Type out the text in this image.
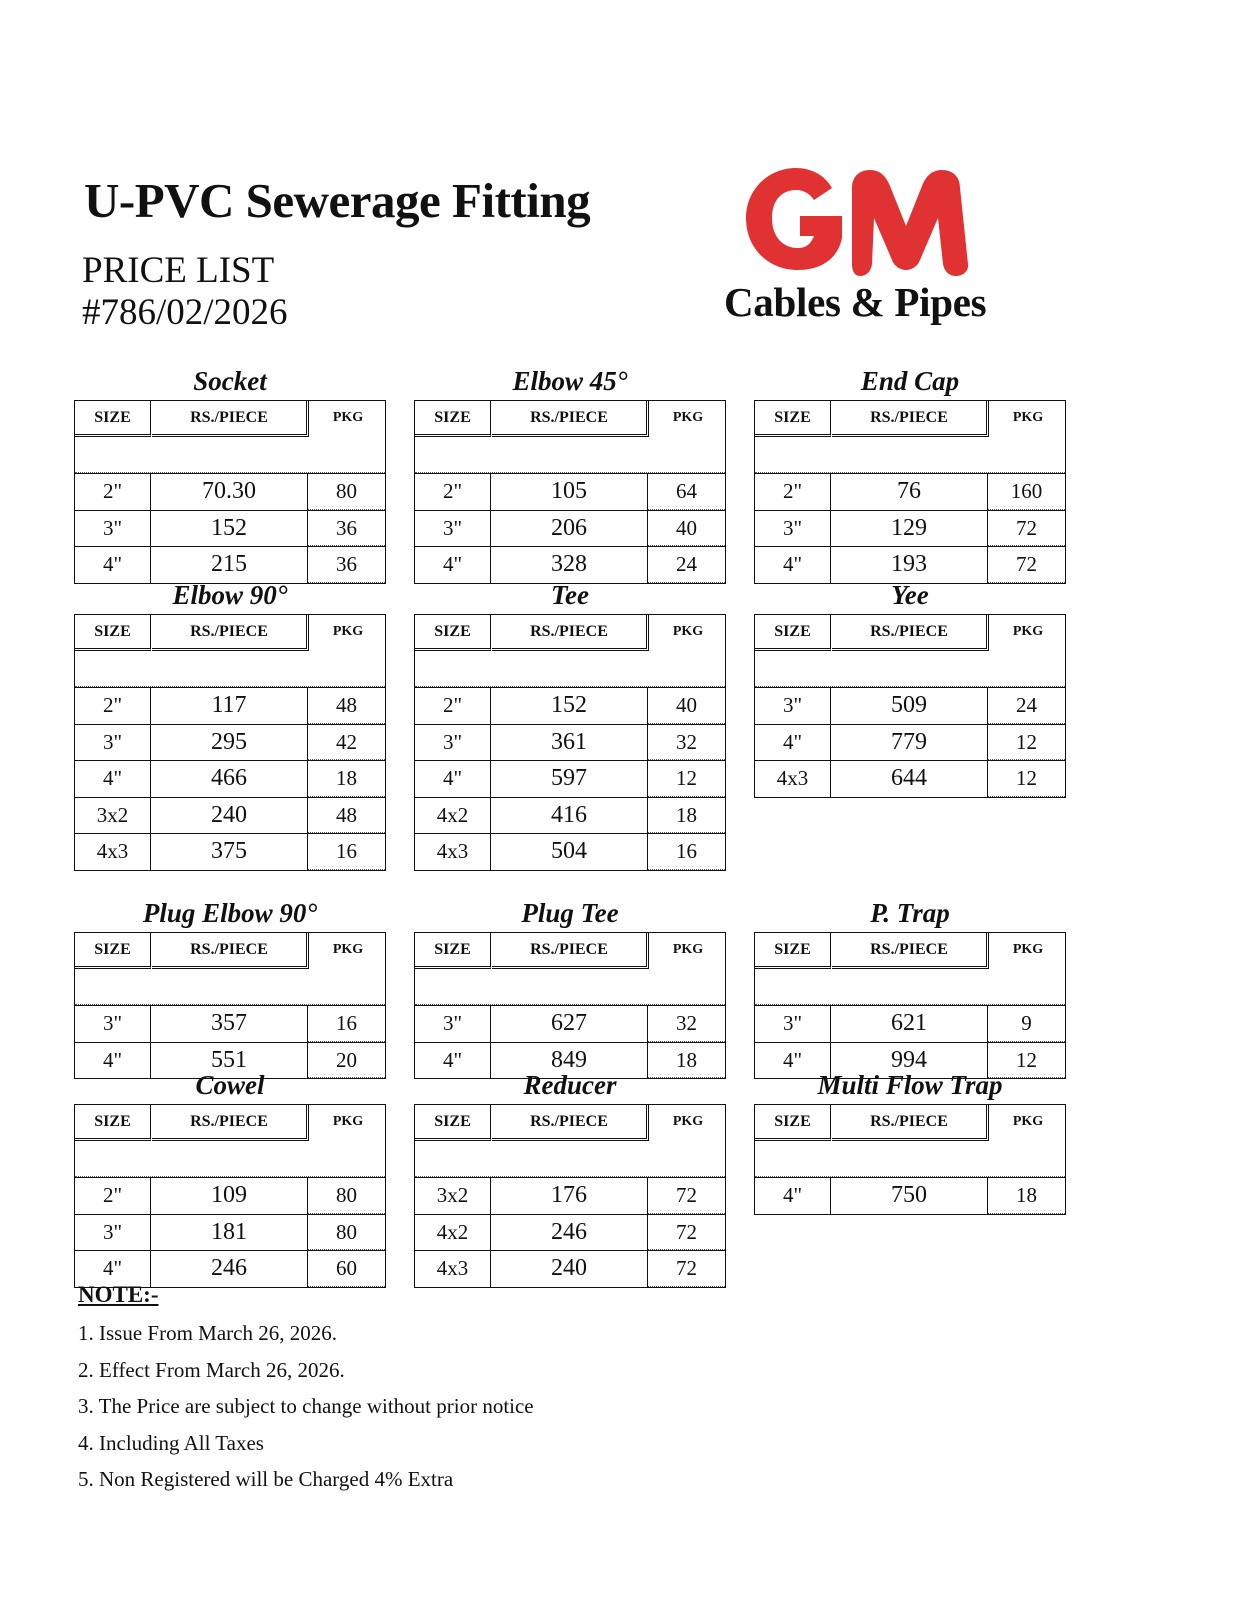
U-PVC Sewerage Fitting
PRICE LIST
#786/02/2026	Cables & Pipes
Socket
SIZE	RS./PIECE	PKG
2"	70.30	80
3"	152	36
4"	215	36
Elbow 45°
SIZE	RS./PIECE	PKG
2"	105	64
3"	206	40
4"	328	24
End Cap
SIZE	RS./PIECE	PKG
2"	76	160
3"	129	72
4"	193	72
Elbow 90°
SIZE	RS./PIECE	PKG
2"	117	48
3"	295	42
4"	466	18
3x2	240	48
4x3	375	16
Tee
SIZE	RS./PIECE	PKG
2"	152	40
3"	361	32
4"	597	12
4x2	416	18
4x3	504	16
Yee
SIZE	RS./PIECE	PKG
3"	509	24
4"	779	12
4x3	644	12
Plug Elbow 90°
SIZE	RS./PIECE	PKG
3"	357	16
4"	551	20
Plug Tee
SIZE	RS./PIECE	PKG
3"	627	32
4"	849	18
P. Trap
SIZE	RS./PIECE	PKG
3"	621	9
4"	994	12
Cowel
SIZE	RS./PIECE	PKG
2"	109	80
3"	181	80
4"	246	60
Reducer
SIZE	RS./PIECE	PKG
3x2	176	72
4x2	246	72
4x3	240	72
Multi Flow Trap
SIZE	RS./PIECE	PKG
4"	750	18
NOTE:-
1. Issue From March 26, 2026.
2. Effect From March 26, 2026.
3. The Price are subject to change without prior notice
4. Including All Taxes
5. Non Registered will be Charged 4% Extra
